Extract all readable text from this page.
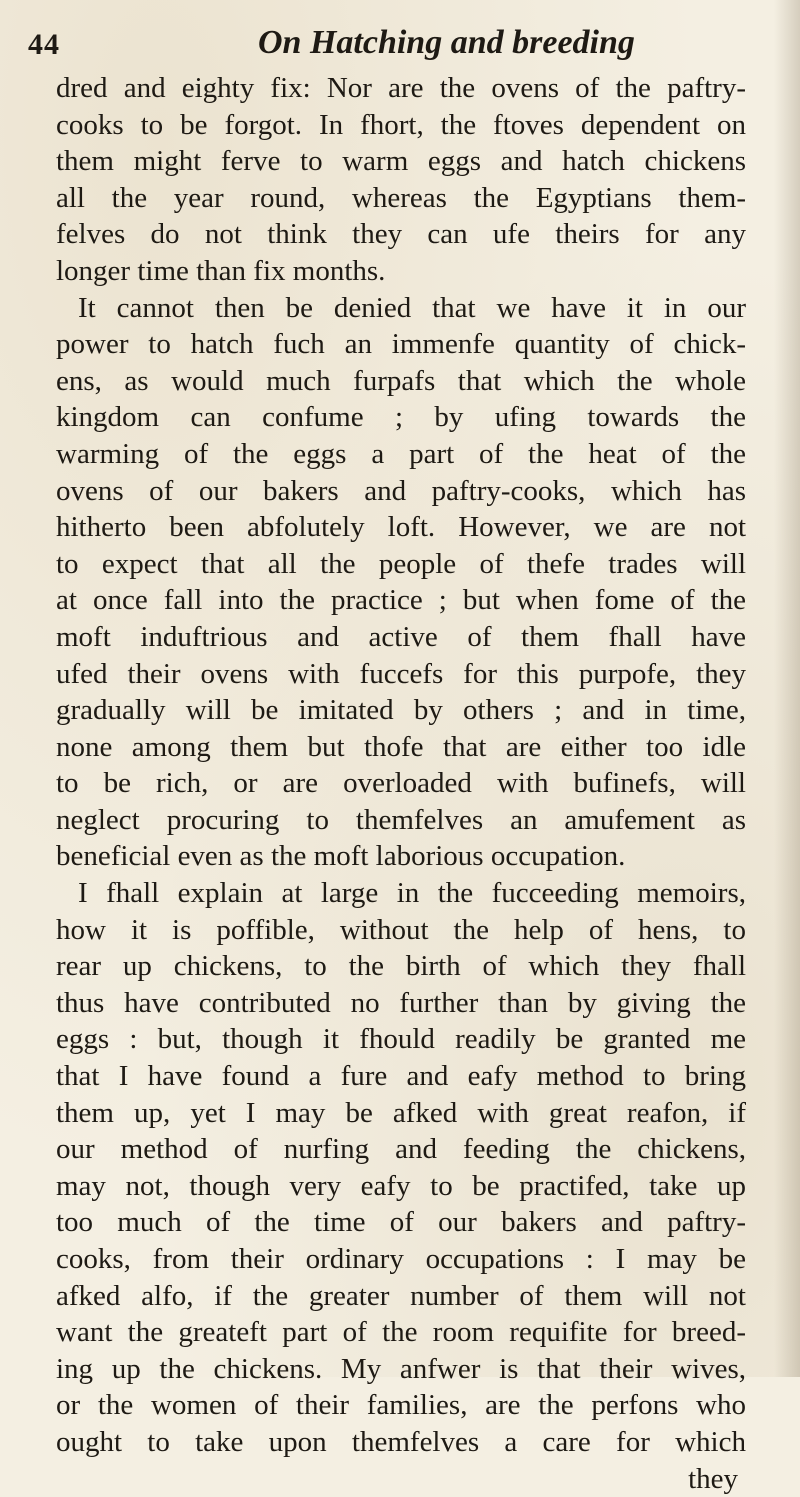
44	On Hatching and breeding
dred and eighty fix: Nor are the ovens of the paftry-
cooks to be forgot. In fhort, the ftoves dependent on
them might ferve to warm eggs and hatch chickens
all the year round, whereas the Egyptians them-
felves do not think they can ufe theirs for any
longer time than fix months.
It cannot then be denied that we have it in our
power to hatch fuch an immenfe quantity of chick-
ens, as would much furpafs that which the whole
kingdom can confume ; by ufing towards the
warming of the eggs a part of the heat of the
ovens of our bakers and paftry-cooks, which has
hitherto been abfolutely loft. However, we are not
to expect that all the people of thefe trades will
at once fall into the practice ; but when fome of the
moft induftrious and active of them fhall have
ufed their ovens with fuccefs for this purpofe, they
gradually will be imitated by others ; and in time,
none among them but thofe that are either too idle
to be rich, or are overloaded with bufinefs, will
neglect procuring to themfelves an amufement as
beneficial even as the moft laborious occupation.
I fhall explain at large in the fucceeding memoirs,
how it is poffible, without the help of hens, to
rear up chickens, to the birth of which they fhall
thus have contributed no further than by giving the
eggs : but, though it fhould readily be granted me
that I have found a fure and eafy method to bring
them up, yet I may be afked with great reafon, if
our method of nurfing and feeding the chickens,
may not, though very eafy to be practifed, take up
too much of the time of our bakers and paftry-
cooks, from their ordinary occupations : I may be
afked alfo, if the greater number of them will not
want the greateft part of the room requifite for breed-
ing up the chickens. My anfwer is that their wives,
or the women of their families, are the perfons who
ought to take upon themfelves a care for which
they
